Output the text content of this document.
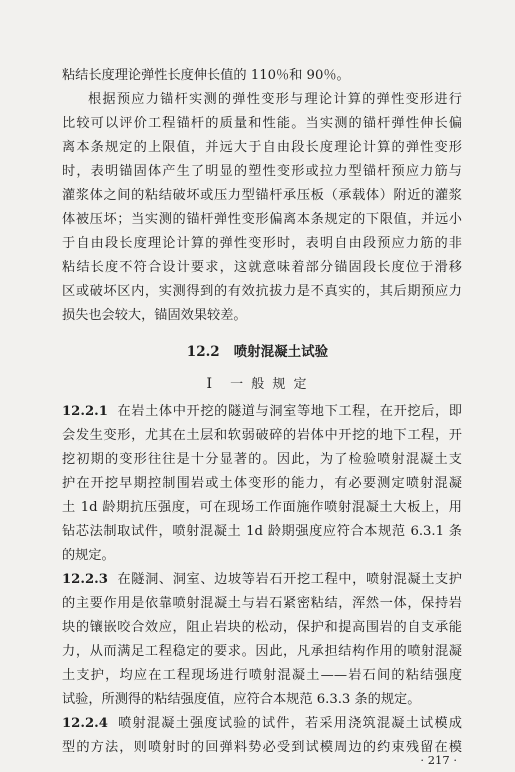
粘结长度理论弹性长度伸长值的 110％和 90％。
根据预应力锚杆实测的弹性变形与理论计算的弹性变形进行
比较可以评价工程锚杆的质量和性能。当实测的锚杆弹性伸长偏
离本条规定的上限值，并远大于自由段长度理论计算的弹性变形
时，表明锚固体产生了明显的塑性变形或拉力型锚杆预应力筋与
灌浆体之间的粘结破坏或压力型锚杆承压板（承载体）附近的灌浆
体被压坏；当实测的锚杆弹性变形偏离本条规定的下限值，并远小
于自由段长度理论计算的弹性变形时，表明自由段预应力筋的非
粘结长度不符合设计要求，这就意味着部分锚固段长度位于滑移
区或破坏区内，实测得到的有效抗拔力是不真实的，其后期预应力
损失也会较大，锚固效果较差。
12.2 喷射混凝土试验
Ⅰ 一 般 规 定
12.2.1 在岩土体中开挖的隧道与洞室等地下工程，在开挖后，即
会发生变形，尤其在土层和软弱破碎的岩体中开挖的地下工程，开
挖初期的变形往往是十分显著的。因此，为了检验喷射混凝土支
护在开挖早期控制围岩或土体变形的能力，有必要测定喷射混凝
土 1d 龄期抗压强度，可在现场工作面施作喷射混凝土大板上，用
钻芯法制取试件，喷射混凝土 1d 龄期强度应符合本规范 6.3.1 条
的规定。
12.2.3 在隧洞、洞室、边坡等岩石开挖工程中，喷射混凝土支护
的主要作用是依靠喷射混凝土与岩石紧密粘结，浑然一体，保持岩
块的镶嵌咬合效应，阻止岩块的松动，保护和提高围岩的自支承能
力，从而满足工程稳定的要求。因此，凡承担结构作用的喷射混凝
土支护，均应在工程现场进行喷射混凝土——岩石间的粘结强度
试验，所测得的粘结强度值，应符合本规范 6.3.3 条的规定。
12.2.4 喷射混凝土强度试验的试件，若采用浇筑混凝土试模成
型的方法，则喷射时的回弹料势必受到试模周边的约束残留在模
· 217 ·
